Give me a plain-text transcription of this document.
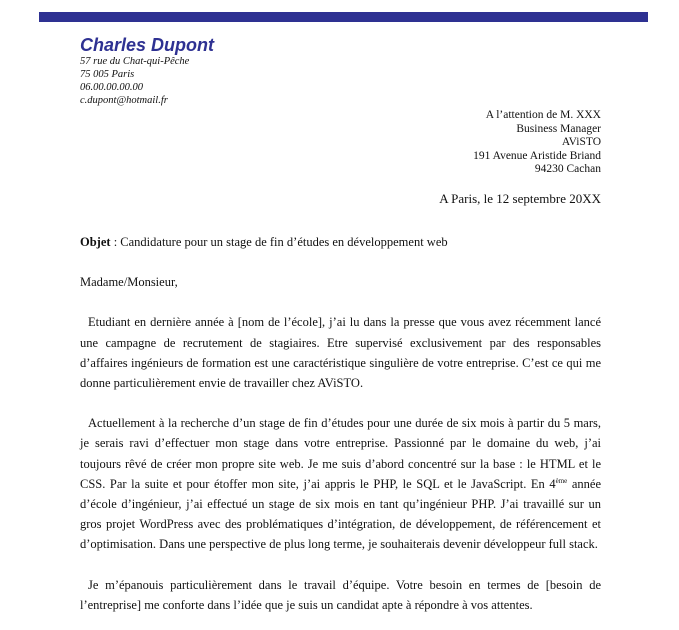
Charles Dupont
57 rue du Chat-qui-Pêche
75 005 Paris
06.00.00.00.00
c.dupont@hotmail.fr
A l’attention de M. XXX
Business Manager
AViSTO
191 Avenue Aristide Briand
94230 Cachan
A Paris, le 12 septembre 20XX

Objet : Candidature pour un stage de fin d’études en développement web

Madame/Monsieur,

Etudiant en dernière année à [nom de l’école], j’ai lu dans la presse que vous avez récemment lancé une campagne de recrutement de stagiaires. Etre supervisé exclusivement par des responsables d’affaires ingénieurs de formation est une caractéristique singulière de votre entreprise. C’est ce qui me donne particulièrement envie de travailler chez AViSTO.

Actuellement à la recherche d’un stage de fin d’études pour une durée de six mois à partir du 5 mars, je serais ravi d’effectuer mon stage dans votre entreprise. Passionné par le domaine du web, j’ai toujours rêvé de créer mon propre site web. Je me suis d’abord concentré sur la base : le HTML et le CSS. Par la suite et pour étoffer mon site, j’ai appris le PHP, le SQL et le JavaScript. En 4ème année d’école d’ingénieur, j’ai effectué un stage de six mois en tant qu’ingénieur PHP. J’ai travaillé sur un gros projet WordPress avec des problématiques d’intégration, de développement, de référencement et d’optimisation. Dans une perspective de plus long terme, je souhaiterais devenir développeur full stack.

Je m’épanouis particulièrement dans le travail d’équipe. Votre besoin en termes de [besoin de l’entreprise] me conforte dans l’idée que je suis un candidat apte à répondre à vos attentes.
